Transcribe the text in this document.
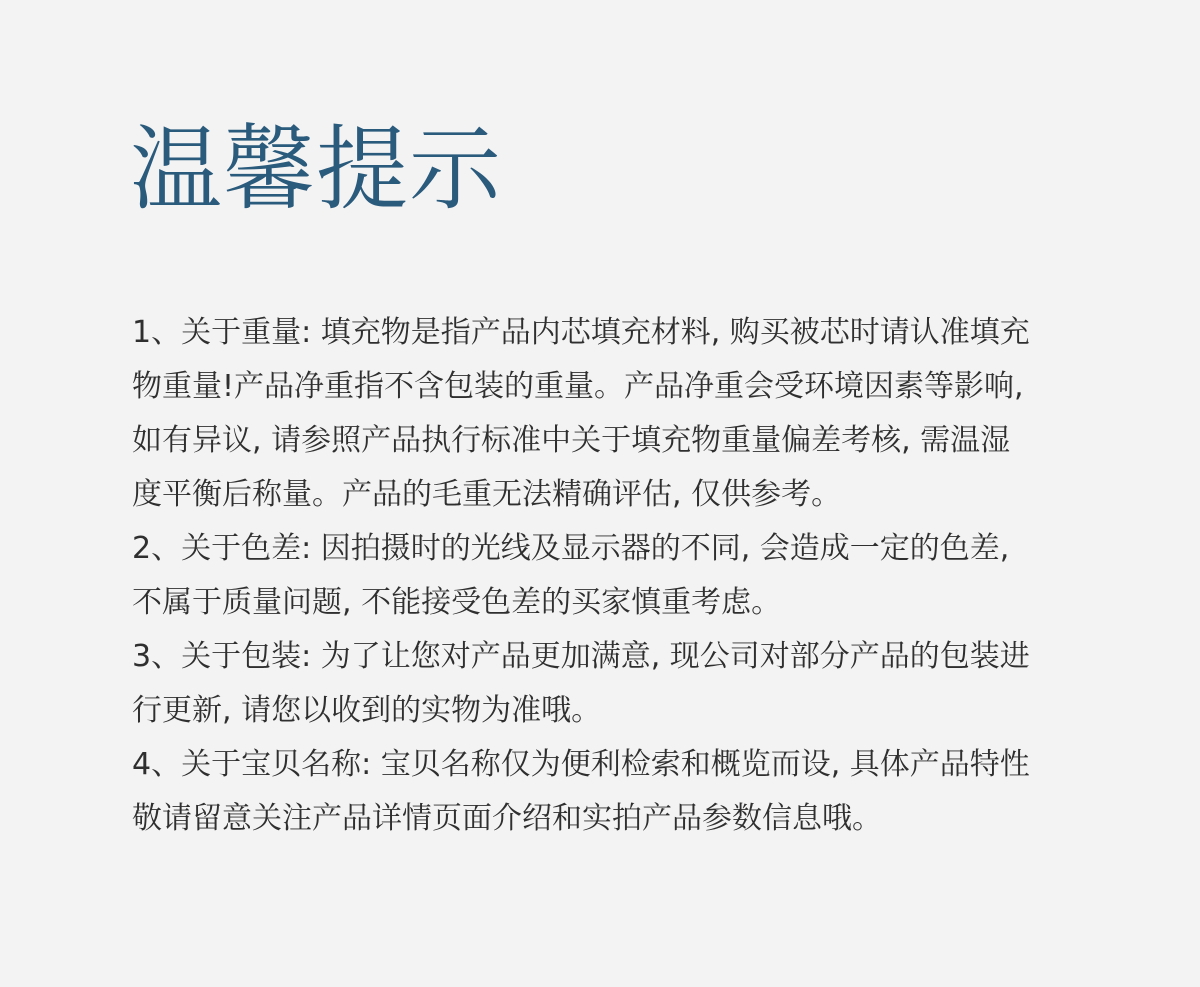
温馨提示
1、关于重量: 填充物是指产品内芯填充材料, 购买被芯时请认准填充
物重量!产品净重指不含包装的重量。产品净重会受环境因素等影响,
如有异议, 请参照产品执行标准中关于填充物重量偏差考核, 需温湿
度平衡后称量。产品的毛重无法精确评估, 仅供参考。
2、关于色差: 因拍摄时的光线及显示器的不同, 会造成一定的色差,
不属于质量问题, 不能接受色差的买家慎重考虑。
3、关于包装: 为了让您对产品更加满意, 现公司对部分产品的包装进
行更新, 请您以收到的实物为准哦。
4、关于宝贝名称: 宝贝名称仅为便利检索和概览而设, 具体产品特性
敬请留意关注产品详情页面介绍和实拍产品参数信息哦。
